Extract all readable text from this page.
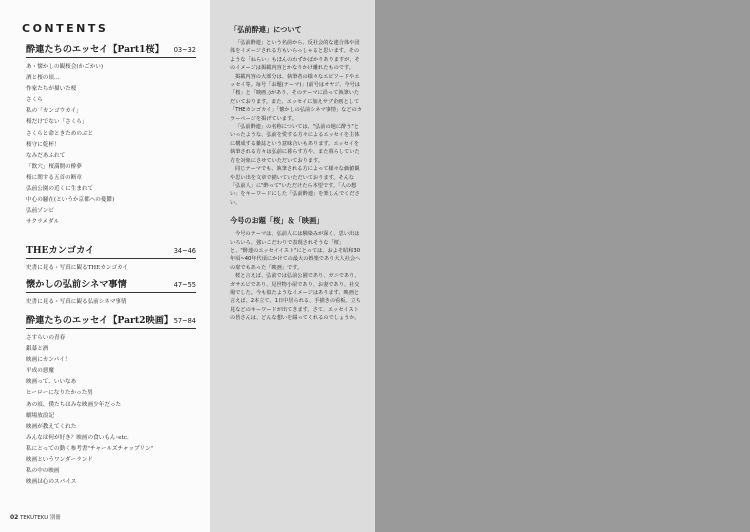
CONTENTS
酔連たちのエッセイ【Part1桜】 03~32
あ・懐かしの観桜会(かごかい)
酒と桜の頃…
作家たちが描いた桜
さくら
私の「カンゴウカイ」
桜だけでない「さくら」
さくらと命ときためのぶと
桜守に乾杯！
なみだあふれて
「飲穴」桜満開の酔夢
桜に関する五首の断章
弘前公園の近くに生まれて
中心の騒在(というか京都への憂鬱)
弘前ゾンビ
サクラメダル
THEカンゴカイ	34~46
史書に見る・写真に観るTHEカンゴカイ
懐かしの弘前シネマ事情	47~55
史書に見る・写真に観る弘前シネマ事情
酔連たちのエッセイ【Part2映画】 57~84
さすらいの青春
銀幕と酒
映画にカンパイ！
平成の悪魔
映画って、いいなあ
ヒーローになりたかった男
あの頃、僕たちはみな映画少年だった
劇場放浪記
映画が教えてくれた
みんなは何が好き？映画の食いもん･etc.
私にとっての動く参考書"チャールズチャップリン"
映画というワンダーランド
私の中の映画
映画は心のスパイス
02 TEKUTEKU 別冊
「弘前酔連」について

「弘前酔連」という名前から、反社会的な連合体や団体をイメージされる方もいらっしゃると思います。そのような「ねらい」もほんのわずかばかりありますが、そのイメージは掲載内容とかなりかけ離れたものです。

掲載内容の大部分は、執筆者の様々なエピソードやエッセイ等。毎号「お題(テーマ)」(前号はオヤジ、今号は「桜」と「映画」)があり、そのテーマに沿って執筆いただいております。また、エッセイに加えサブ企画として「THEカンゴカイ」「懐かしの弘前シネマ事情」などのカラーページを掲げています。

「弘前酔連」の名称については、"弘前の地に酔う"といったような、弘前を愛する方々によるエッセイを主体に構成する雑誌という意味合いもあります。エッセイを執筆される方々は弘前に暮らす方や、また暮らしていた方を対象にさせていただいております。

同じテーマでも、執筆される方によって様々な価値観や思い出を文章で描いていただいております。そんな「弘前人」に"酔って"いただけたら本望です。「人の想い」をキーワードにした「弘前酔連」を楽しんでください。

今号のお題「桜」＆「映画」

今号のテーマは、弘前人には馴染みが深く、思い出はいろいろ、強いこだわりで表現されそうな「桜」と、"酔連のエッセイイスト"にとっては、およそ昭和30年頃~40年代頃にかけての最大の娯楽であり大人社会への扉でもあった「映画」です。

桜と言えば、弘前では弘前公園であり、ガニであり、ガサエビであり、見世物小屋であり、お妻であり、社交場でした。今も似たようなイメージはあります。映画と言えば、2本立て、1日中居られる、手描きの看板、立ち見などのキーワードが出てきます。さて、エッセイストの皆さんは、どんな想いを綴ってくれるのでしょうか。
